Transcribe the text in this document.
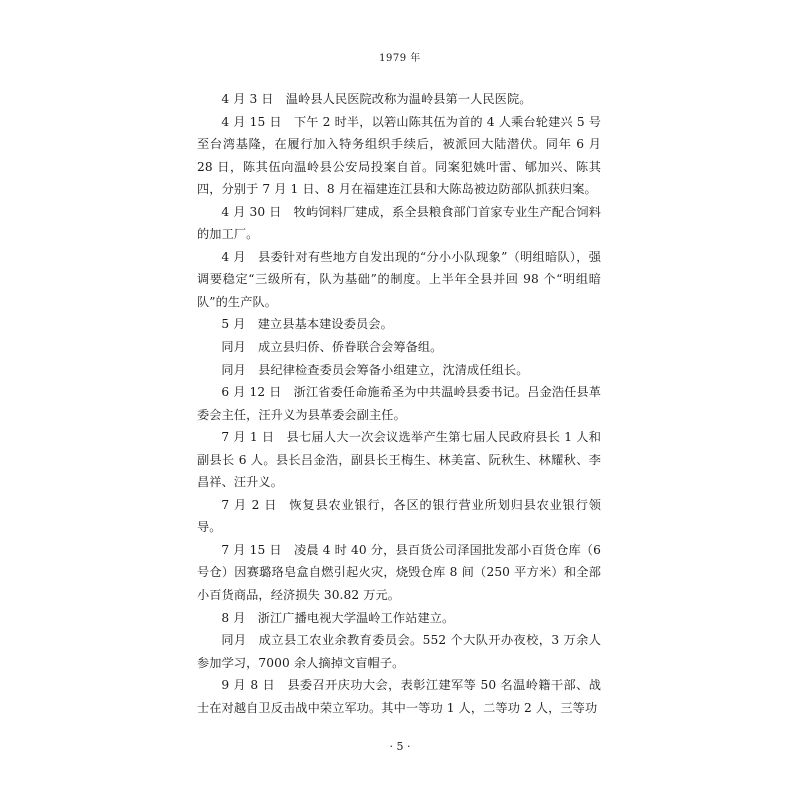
1979 年

4 月 3 日 温岭县人民医院改称为温岭县第一人民医院。

4 月 15 日 下午 2 时半，以箬山陈其伍为首的 4 人乘台轮建兴 5 号至台湾基隆，在履行加入特务组织手续后，被派回大陆潜伏。同年 6 月 28 日，陈其伍向温岭县公安局投案自首。同案犯姚叶雷、郇加兴、陈其四，分别于 7 月 1 日、8 月在福建连江县和大陈岛被边防部队抓获归案。

4 月 30 日 牧屿饲料厂建成，系全县粮食部门首家专业生产配合饲料的加工厂。

4 月 县委针对有些地方自发出现的“分小小队现象”（明组暗队），强调要稳定“三级所有，队为基础”的制度。上半年全县并回 98 个“明组暗队”的生产队。

5 月 建立县基本建设委员会。

同月 成立县归侨、侨眷联合会筹备组。

同月 县纪律检查委员会筹备小组建立，沈清成任组长。

6 月 12 日 浙江省委任命施希圣为中共温岭县委书记。吕金浩任县革委会主任，汪升义为县革委会副主任。

7 月 1 日 县七届人大一次会议选举产生第七届人民政府县长 1 人和副县长 6 人。县长吕金浩，副县长王梅生、林美富、阮秋生、林耀秋、李昌祥、汪升义。

7 月 2 日 恢复县农业银行，各区的银行营业所划归县农业银行领导。

7 月 15 日 凌晨 4 时 40 分，县百货公司泽国批发部小百货仓库（6 号仓）因赛璐珞皂盒自燃引起火灾，烧毁仓库 8 间（250 平方米）和全部小百货商品，经济损失 30.82 万元。

8 月 浙江广播电视大学温岭工作站建立。

同月 成立县工农业余教育委员会。552 个大队开办夜校，3 万余人参加学习，7000 余人摘掉文盲帽子。

9 月 8 日 县委召开庆功大会，表彰江建军等 50 名温岭籍干部、战士在对越自卫反击战中荣立军功。其中一等功 1 人，二等功 2 人，三等功

· 5 ·
